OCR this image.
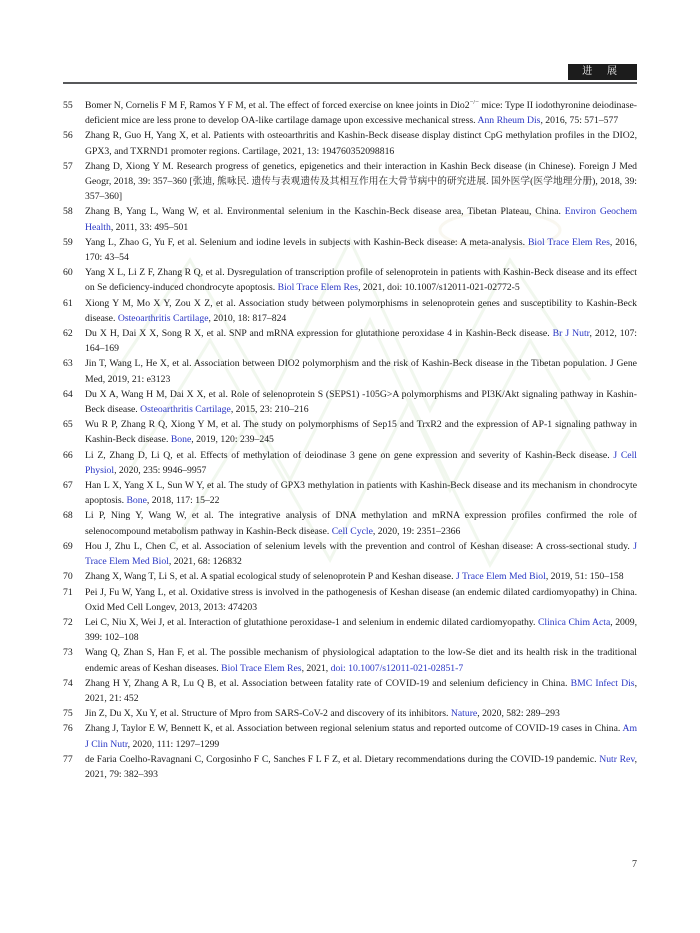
进 展
55	Bomer N, Cornelis F M F, Ramos Y F M, et al. The effect of forced exercise on knee joints in Dio2−/− mice: Type II iodothyronine deiodinase-deficient mice are less prone to develop OA-like cartilage damage upon excessive mechanical stress. Ann Rheum Dis, 2016, 75: 571–577
56	Zhang R, Guo H, Yang X, et al. Patients with osteoarthritis and Kashin-Beck disease display distinct CpG methylation profiles in the DIO2, GPX3, and TXRND1 promoter regions. Cartilage, 2021, 13: 194760352098816
57	Zhang D, Xiong Y M. Research progress of genetics, epigenetics and their interaction in Kashin Beck disease (in Chinese). Foreign J Med Geogr, 2018, 39: 357–360 [张迪, 熊咏民. 遗传与表观遗传及其相互作用在大骨节病中的研究进展. 国外医学(医学地理分册), 2018, 39: 357–360]
58	Zhang B, Yang L, Wang W, et al. Environmental selenium in the Kaschin-Beck disease area, Tibetan Plateau, China. Environ Geochem Health, 2011, 33: 495–501
59	Yang L, Zhao G, Yu F, et al. Selenium and iodine levels in subjects with Kashin-Beck disease: A meta-analysis. Biol Trace Elem Res, 2016, 170: 43–54
60	Yang X L, Li Z F, Zhang R Q, et al. Dysregulation of transcription profile of selenoprotein in patients with Kashin-Beck disease and its effect on Se deficiency-induced chondrocyte apoptosis. Biol Trace Elem Res, 2021, doi: 10.1007/s12011-021-02772-5
61	Xiong Y M, Mo X Y, Zou X Z, et al. Association study between polymorphisms in selenoprotein genes and susceptibility to Kashin-Beck disease. Osteoarthritis Cartilage, 2010, 18: 817–824
62	Du X H, Dai X X, Song R X, et al. SNP and mRNA expression for glutathione peroxidase 4 in Kashin-Beck disease. Br J Nutr, 2012, 107: 164–169
63	Jin T, Wang L, He X, et al. Association between DIO2 polymorphism and the risk of Kashin-Beck disease in the Tibetan population. J Gene Med, 2019, 21: e3123
64	Du X A, Wang H M, Dai X X, et al. Role of selenoprotein S (SEPS1) -105G>A polymorphisms and PI3K/Akt signaling pathway in Kashin-Beck disease. Osteoarthritis Cartilage, 2015, 23: 210–216
65	Wu R P, Zhang R Q, Xiong Y M, et al. The study on polymorphisms of Sep15 and TrxR2 and the expression of AP-1 signaling pathway in Kashin-Beck disease. Bone, 2019, 120: 239–245
66	Li Z, Zhang D, Li Q, et al. Effects of methylation of deiodinase 3 gene on gene expression and severity of Kashin-Beck disease. J Cell Physiol, 2020, 235: 9946–9957
67	Han L X, Yang X L, Sun W Y, et al. The study of GPX3 methylation in patients with Kashin-Beck disease and its mechanism in chondrocyte apoptosis. Bone, 2018, 117: 15–22
68	Li P, Ning Y, Wang W, et al. The integrative analysis of DNA methylation and mRNA expression profiles confirmed the role of selenocompound metabolism pathway in Kashin-Beck disease. Cell Cycle, 2020, 19: 2351–2366
69	Hou J, Zhu L, Chen C, et al. Association of selenium levels with the prevention and control of Keshan disease: A cross-sectional study. J Trace Elem Med Biol, 2021, 68: 126832
70	Zhang X, Wang T, Li S, et al. A spatial ecological study of selenoprotein P and Keshan disease. J Trace Elem Med Biol, 2019, 51: 150–158
71	Pei J, Fu W, Yang L, et al. Oxidative stress is involved in the pathogenesis of Keshan disease (an endemic dilated cardiomyopathy) in China. Oxid Med Cell Longev, 2013, 2013: 474203
72	Lei C, Niu X, Wei J, et al. Interaction of glutathione peroxidase-1 and selenium in endemic dilated cardiomyopathy. Clinica Chim Acta, 2009, 399: 102–108
73	Wang Q, Zhan S, Han F, et al. The possible mechanism of physiological adaptation to the low-Se diet and its health risk in the traditional endemic areas of Keshan diseases. Biol Trace Elem Res, 2021, doi: 10.1007/s12011-021-02851-7
74	Zhang H Y, Zhang A R, Lu Q B, et al. Association between fatality rate of COVID-19 and selenium deficiency in China. BMC Infect Dis, 2021, 21: 452
75	Jin Z, Du X, Xu Y, et al. Structure of Mpro from SARS-CoV-2 and discovery of its inhibitors. Nature, 2020, 582: 289–293
76	Zhang J, Taylor E W, Bennett K, et al. Association between regional selenium status and reported outcome of COVID-19 cases in China. Am J Clin Nutr, 2020, 111: 1297–1299
77	de Faria Coelho-Ravagnani C, Corgosinho F C, Sanches F L F Z, et al. Dietary recommendations during the COVID-19 pandemic. Nutr Rev, 2021, 79: 382–393
7
